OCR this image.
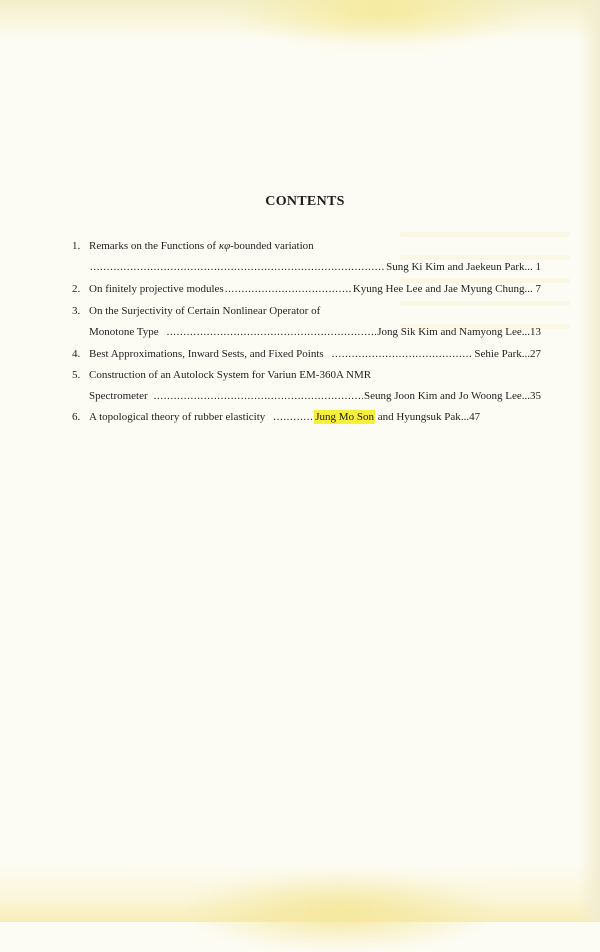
CONTENTS
1. Remarks on the Functions of κφ-bounded variation
.....
Sung Ki Kim and Jaekeun Park ... 1
2. On finitely projective modules .....	Kyung Hee Lee and Jae Myung Chung ... 7
3. On the Surjectivity of Certain Nonlinear Operator of
Monotone Type .....	Jong Sik Kim and Namyong Lee ...13
4. Best Approximations, Inward Sests, and Fixed Points .....	Sehie Park ...27
5. Construction of an Autolock System for Variun EM-360A NMR
Spectrometer .....	Seung Joon Kim and Jo Woong Lee ...35
6. A topological theory of rubber elasticity .....	Jung Mo Son and Hyungsuk Pak ...47
